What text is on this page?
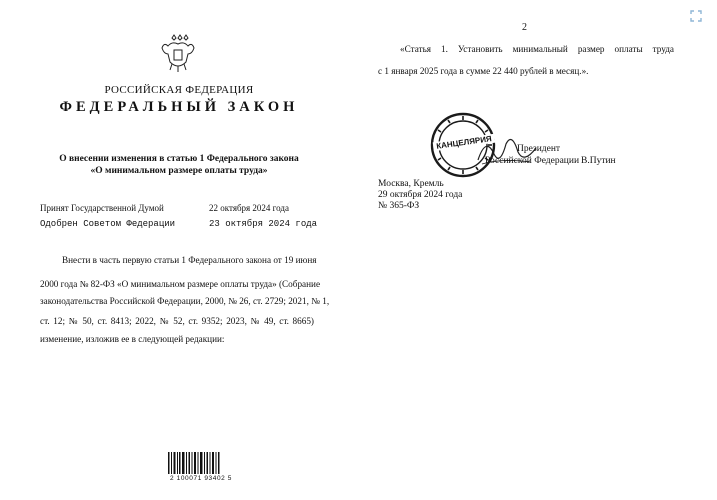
РОССИЙСКАЯ ФЕДЕРАЦИЯ
ФЕДЕРАЛЬНЫЙ ЗАКОН
О внесении изменения в статью 1 Федерального закона
«О минимальном размере оплаты труда»
Принят Государственной Думой	22 октября 2024 года
Одобрен Советом Федерации	23 октября 2024 года
Внести в часть первую статьи 1 Федерального закона от 19 июня
2000 года № 82-ФЗ «О минимальном размере оплаты труда» (Собрание
законодательства Российской Федерации, 2000, № 26, ст. 2729; 2021, № 1,
ст. 12; № 50, ст. 8413; 2022, № 52, ст. 9352; 2023, № 49, ст. 8665)
изменение, изложив ее в следующей редакции:
2 100071 93402 5
2
«Статья 1. Установить минимальный размер оплаты труда
с 1 января 2025 года в сумме 22 440 рублей в месяц.».
КАНЦЕЛЯРИЯ	Президент
Российской Федерации В.Путин
Москва, Кремль
29 октября 2024 года
№ 365-ФЗ
